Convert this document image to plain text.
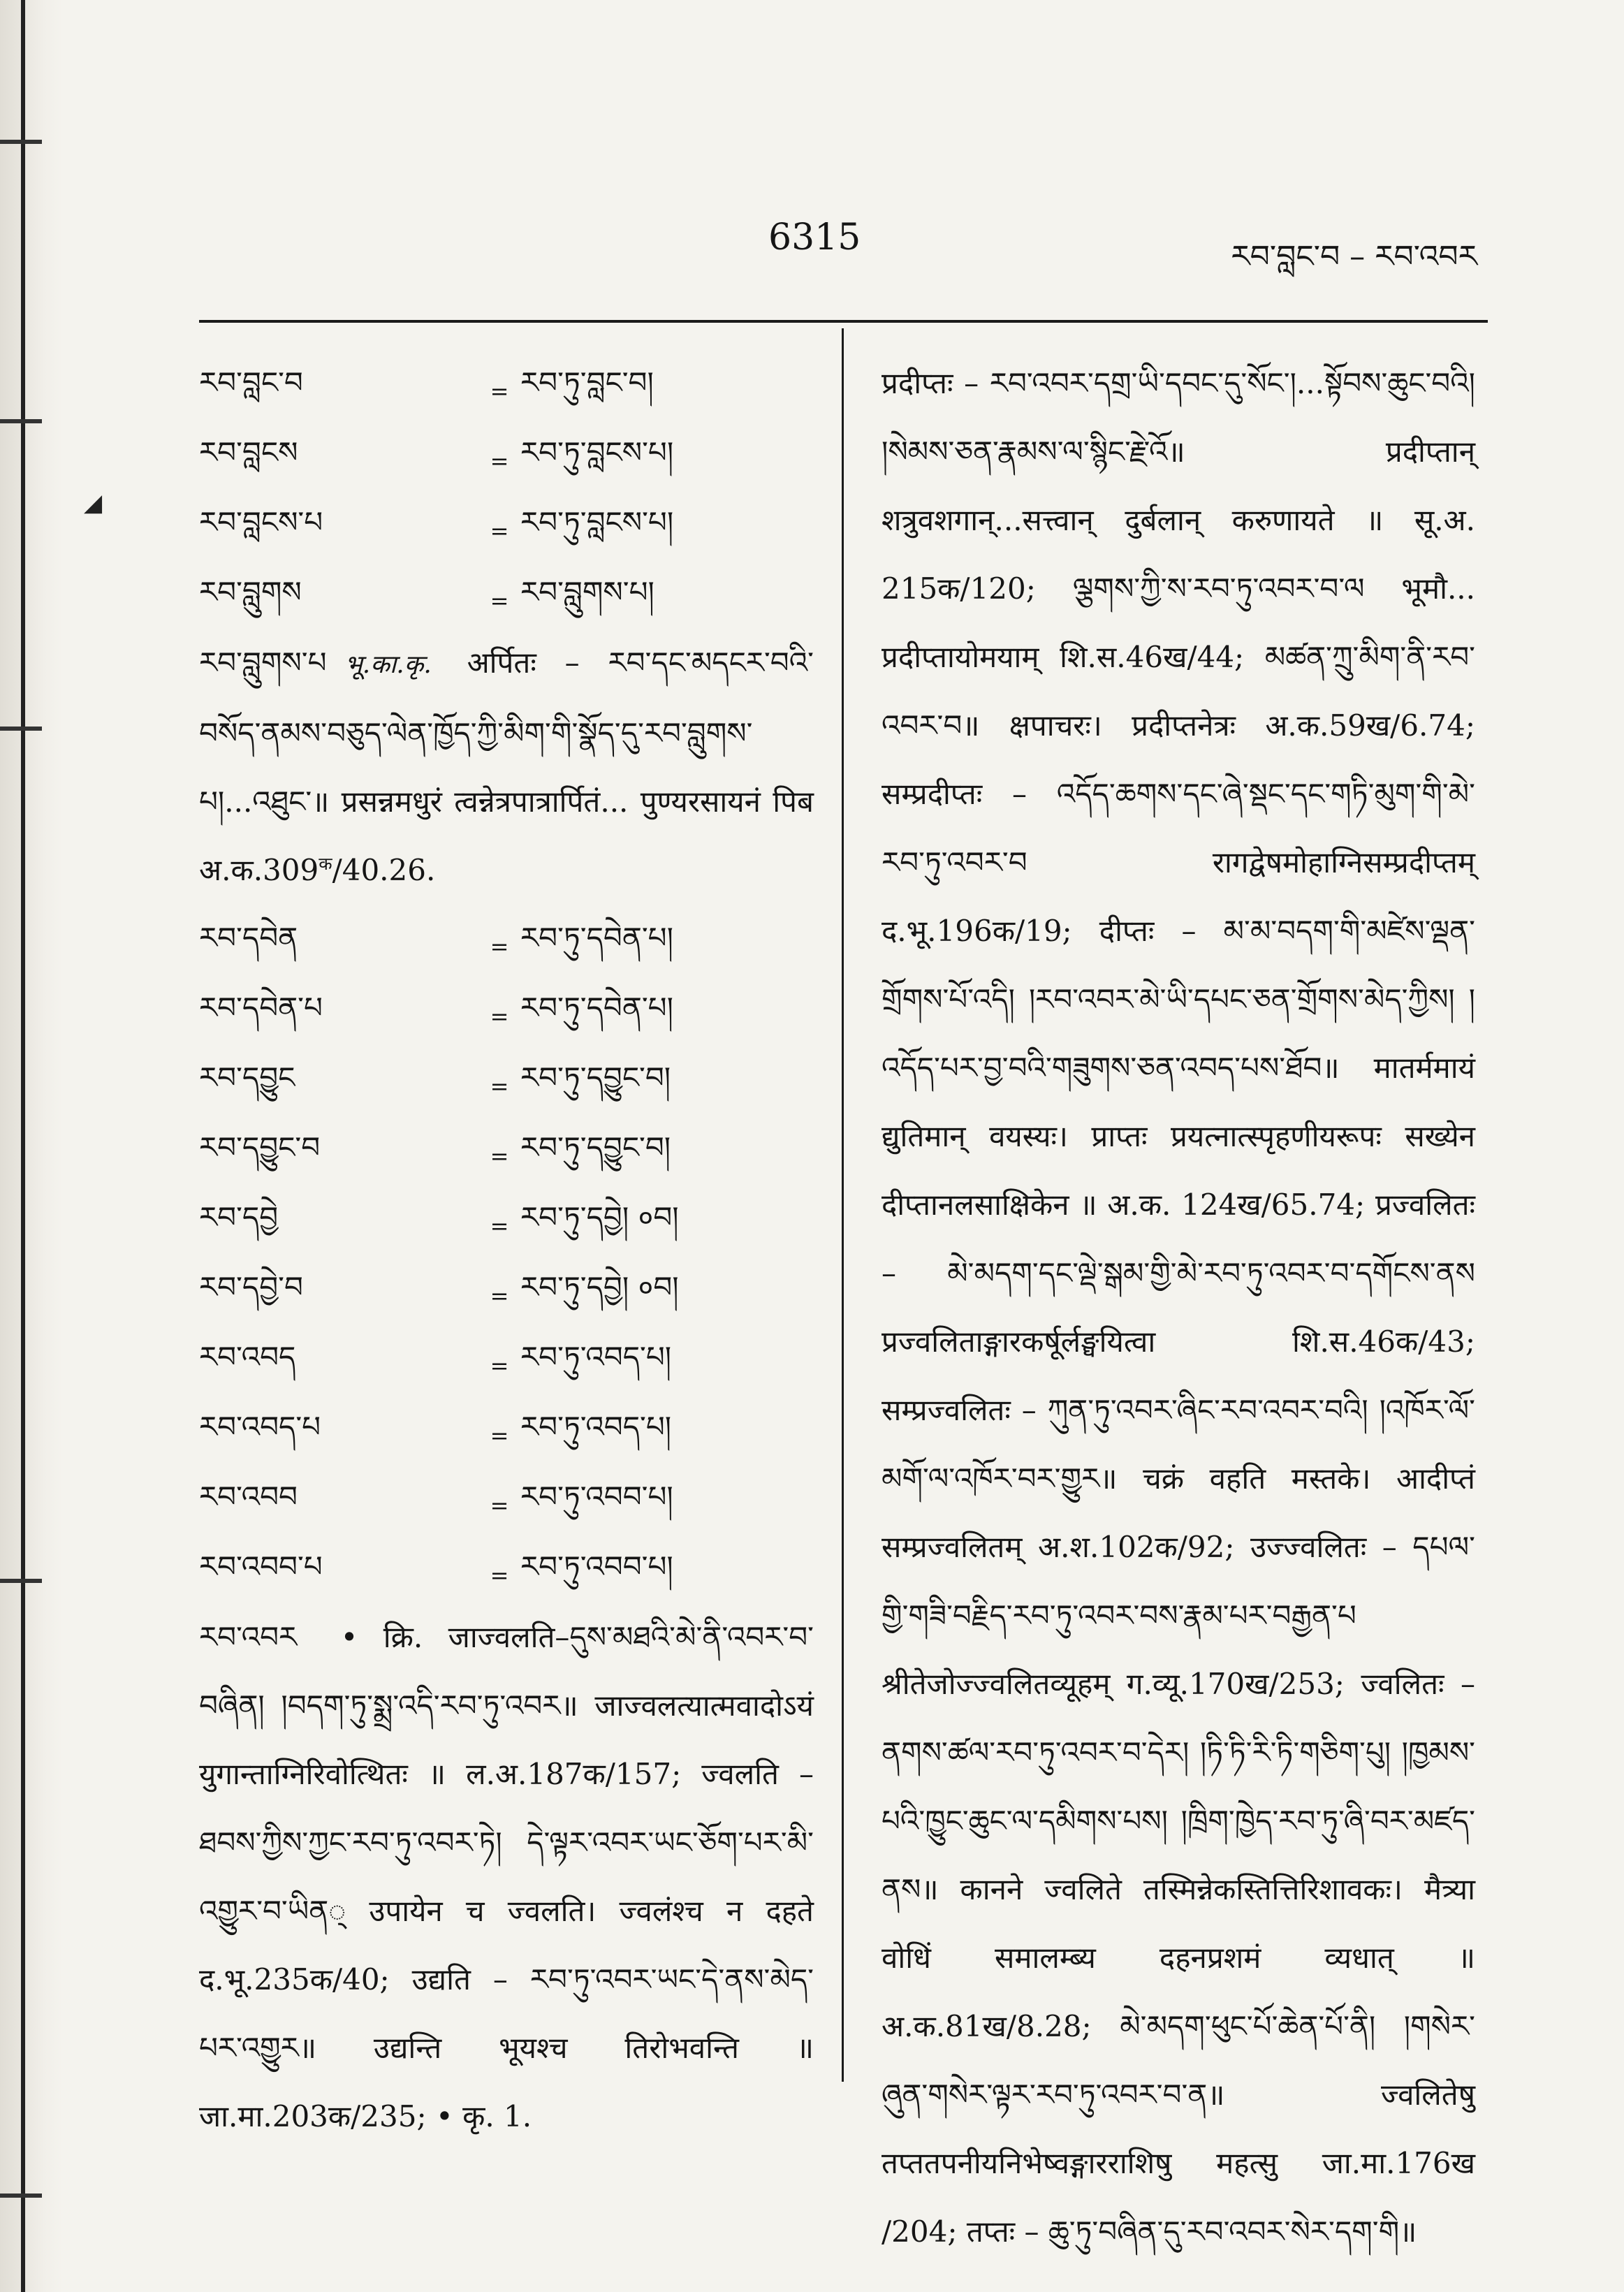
◢
6315	རབ་བླང་བ – རབ་འབར
རབ་བླང་བ	= རབ་ཏུ་བླང་བ།
རབ་བླངས	= རབ་ཏུ་བླངས་པ།
རབ་བླངས་པ	= རབ་ཏུ་བླངས་པ།
རབ་བླུགས	= རབ་བླུགས་པ།
རབ་བླུགས་པ भू.का.कृ. अर्पितः – རབ་དང་མདངར་བའི་བསོད་ནམས་བཅུད་ལེན་ཁྱོད་ཀྱི་མིག་གི་སྣོད་དུ་རབ་བླུགས་པ།...འཐུང་॥ प्रसन्नमधुरं त्वन्नेत्रपात्रार्पितं... पुण्यरसायनं पिब $अ.क.309^क/40.26$.
རབ་དབེན	= རབ་ཏུ་དབེན་པ།
རབ་དབེན་པ	= རབ་ཏུ་དབེན་པ།
རབ་དབྱུང	= རབ་ཏུ་དབྱུང་བ།
རབ་དབྱུང་བ	= རབ་ཏུ་དབྱུང་བ།
རབ་དབྱེ	= རབ་ཏུ་དབྱེ། ०བ།
རབ་དབྱེ་བ	= རབ་ཏུ་དབྱེ། ०བ།
རབ་འབད	= རབ་ཏུ་འབད་པ།
རབ་འབད་པ	= རབ་ཏུ་འབད་པ།
རབ་འབབ	= རབ་ཏུ་འབབ་པ།
རབ་འབབ་པ	= རབ་ཏུ་འབབ་པ།
རབ་འབར • क्रि. जाज्वलति–དུས་མཐའི་མེ་ནི་འབར་བ་བཞིན། །བདག་ཏུ་སྨྲ་འདི་རབ་ཏུ་འབར॥ जाज्वलत्यात्मवादोऽयं युगान्ताग्निरिवोत्थितः ॥ ल.अ.187क/157; ज्वलति – ཐབས་ཀྱིས་ཀྱང་རབ་ཏུ་འབར་ཏེ། དེ་ལྟར་འབར་ཡང་ཅོག་པར་མི་འགྱུར་བ་ཡིན् उपायेन च ज्वलति। ज्वलंश्च न दहते द.भू.235क/40; उद्यति – རབ་ཏུ་འབར་ཡང་དེ་ནས་མེད་པར་འགྱུར॥ उद्यन्ति भूयश्च तिरोभवन्ति ॥ जा.मा.203क/235; • कृ. 1.
प्रदीप्तः – རབ་འབར་དགྲ་ཡི་དབང་དུ་སོང་།...སྟོབས་ཆུང་བའི། །སེམས་ཅན་རྣམས་ལ་སྙིང་རྗེ་འོ॥ प्रदीप्तान् शत्रुवशगान्...सत्त्वान् दुर्बलान् करुणायते ॥ सू.अ. 215क/120; ལྕགས་ཀྱི་ས་རབ་ཏུ་འབར་བ་ལ भूमौ... प्रदीप्तायोमयाम् शि.स.46ख/44; མཚན་ཀྲུ་མིག་ནི་རབ་འབར་བ॥ क्षपाचरः। प्रदीप्तनेत्रः अ.क.59ख/6.74; सम्प्रदीप्तः – འདོད་ཆགས་དང་ཞེ་སྡང་དང་གཏི་མུག་གི་མེ་རབ་ཏུ་འབར་བ रागद्वेषमोहाग्निसम्प्रदीप्तम् द.भू.196क/19; दीप्तः – མ་མ་བདག་གི་མཛེས་ལྡན་གྲོགས་པོ་འདི། །རབ་འབར་མེ་ཡི་དཔང་ཅན་གྲོགས་མེད་ཀྱིས། །འདོད་པར་བྱ་བའི་གཟུགས་ཅན་འབད་པས་ཐོབ॥ मातर्ममायं द्युतिमान् वयस्यः। प्राप्तः प्रयत्नात्स्पृहणीयरूपः सख्येन दीप्तानलसाक्षिकेन ॥ अ.क. 124ख/65.74; प्रज्वलितः – མེ་མདག་དང་ལྡེ་སྒམ་གྱི་མེ་རབ་ཏུ་འབར་བ་དགོངས་ནས प्रज्वलिताङ्गारकर्षूर्लङ्घयित्वा शि.स.46क/43; सम्प्रज्वलितः – ཀུན་ཏུ་འབར་ཞིང་རབ་འབར་བའི། །འཁོར་ལོ་མགོ་ལ་འཁོར་བར་གྱུར॥ चक्रं वहति मस्तके। आदीप्तं सम्प्रज्वलितम् अ.श.102क/92; उज्ज्वलितः – དཔལ་གྱི་གཟི་བརྗིད་རབ་ཏུ་འབར་བས་རྣམ་པར་བརྒྱན་པ श्रीतेजोज्ज्वलितव्यूहम् ग.व्यू.170ख/253; ज्वलितः – ནགས་ཚལ་རབ་ཏུ་འབར་བ་དེར། །ཏི་ཏི་རི་ཏི་གཅིག་པུ། །ཁྱམས་པའི་ཁྱུང་ཆུང་ལ་དམིགས་པས། །ཁྲིག་ཁྱེད་རབ་ཏུ་ཞི་བར་མཛད་ནས॥ कानने ज्वलिते तस्मिन्नेकस्तित्तिरिशावकः। मैत्र्या वोधिं समालम्ब्य दहनप्रशमं व्यधात् ॥ अ.क.81ख/8.28; མེ་མདག་ཕུང་པོ་ཆེན་པོ་ནི། །གསེར་ཞུན་གསེར་ལྟར་རབ་ཏུ་འབར་བ་ན॥ ज्वलितेषु तप्ततपनीयनिभेष्वङ्गारराशिषु महत्सु जा.मा.176ख /204; तप्तः – ཆུ་ཏུ་བཞིན་དུ་རབ་འབར་སེར་དག་གི॥
